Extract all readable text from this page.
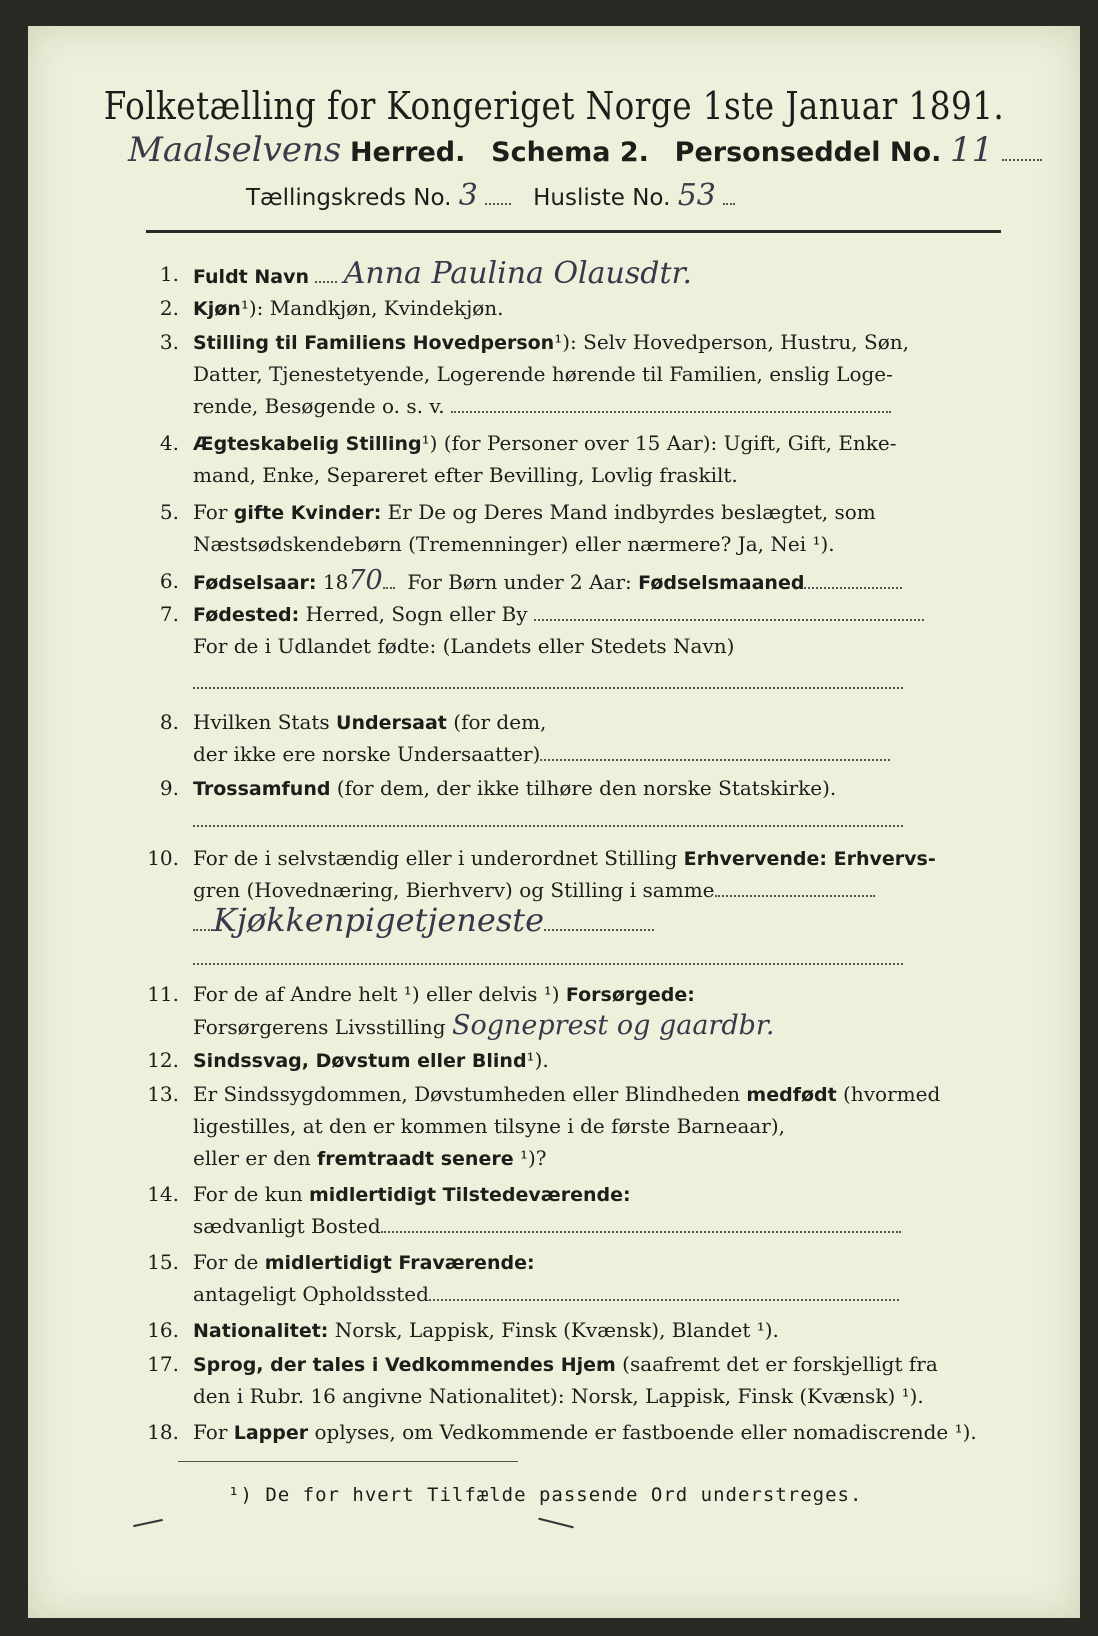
Folketælling for Kongeriget Norge 1ste Januar 1891.
Maalselvens Herred. Schema 2. Personseddel No. 11
Tællingskreds No. 3 Husliste No. 53
1. Fuldt Navn Anna Paulina Olausdtr.
2. Kjøn¹): Mandkjøn, Kvindekjøn.
3. Stilling til Familiens Hovedperson¹): Selv Hovedperson, Hustru, Søn,
Datter, Tjenestetyende, Logerende hørende til Familien, enslig Loge-
rende, Besøgende o. s. v.
4. Ægteskabelig Stilling¹) (for Personer over 15 Aar): Ugift, Gift, Enke-
mand, Enke, Separeret efter Bevilling, Lovlig fraskilt.
5. For gifte Kvinder: Er De og Deres Mand indbyrdes beslægtet, som
Næstsødskendebørn (Tremenninger) eller nærmere? Ja, Nei ¹).
6. Fødselsaar: 1870 For Børn under 2 Aar: Fødselsmaaned
7. Fødested: Herred, Sogn eller By
For de i Udlandet fødte: (Landets eller Stedets Navn)
8. Hvilken Stats Undersaat (for dem,
der ikke ere norske Undersaatter)
9. Trossamfund (for dem, der ikke tilhøre den norske Statskirke).
10. For de i selvstændig eller i underordnet Stilling Erhvervende: Erhvervs-
gren (Hovednæring, Bierhverv) og Stilling i samme
Kjøkkenpigetjeneste
11. For de af Andre helt ¹) eller delvis ¹) Forsørgede:
Forsørgerens Livsstilling Sogneprest og gaardbr.
12. Sindssvag, Døvstum eller Blind¹).
13. Er Sindssygdommen, Døvstumheden eller Blindheden medfødt (hvormed
ligestilles, at den er kommen tilsyne i de første Barneaar),
eller er den fremtraadt senere ¹)?
14. For de kun midlertidigt Tilstedeværende:
sædvanligt Bosted
15. For de midlertidigt Fraværende:
antageligt Opholdssted
16. Nationalitet: Norsk, Lappisk, Finsk (Kvænsk), Blandet ¹).
17. Sprog, der tales i Vedkommendes Hjem (saafremt det er forskjelligt fra
den i Rubr. 16 angivne Nationalitet): Norsk, Lappisk, Finsk (Kvænsk) ¹).
18. For Lapper oplyses, om Vedkommende er fastboende eller nomadiscrende ¹).
¹) De for hvert Tilfælde passende Ord understreges.
